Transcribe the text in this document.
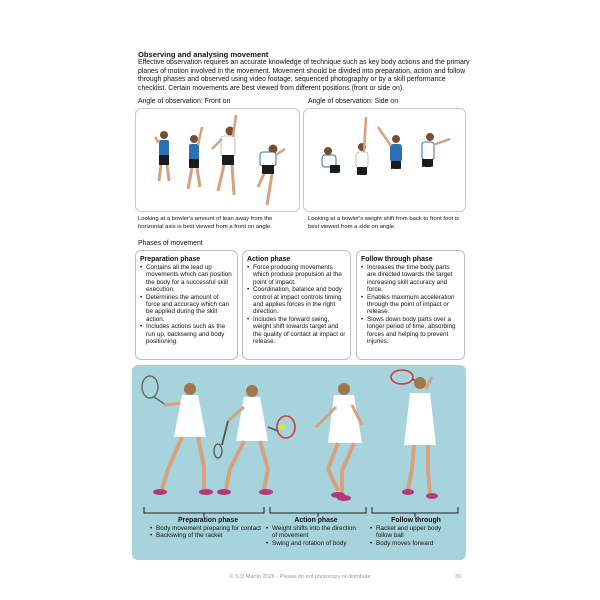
Observing and analysing movement
Effective observation requires an accurate knowledge of technique such as key body actions and the primary planes of motion involved in the movement. Movement should be divided into preparation, action and follow through phases and observed using video footage, sequenced photography or by a skill performance checklist. Certain movements are best viewed from different positions (front or side on).
Angle of observation: Front on
Looking at a bowler's amount of lean away from the horizontal axis is best viewed from a front on angle.
Angle of observation: Side on
Looking at a bowler's weight shift from back to front foot is best viewed from a side on angle.
Phases of movement
Preparation phase
• Contains all the lead up movements which can position the body for a successful skill execution.
• Determines the amount of force and accuracy which can be applied during the skill action.
• Includes actions such as the run up, backswing and body positioning.
Action phase
• Force producing movements which produce propulsion at the point of impact.
• Coordination, balance and body control at impact controls timing and applies forces in the right direction.
• Includes the forward swing, weight shift towards target and the quality of contact at impact or release.
Follow through phase
• Increases the time body parts are directed towards the target increasing skill accuracy and force.
• Enables maximum acceleration through the point of impact or release.
• Slows down body parts over a longer period of time, absorbing forces and helping to prevent injuries.
Preparation phase
• Body movement preparing for contact
• Backswing of the racket
Action phase
• Weight shifts into the direction of movement
• Swing and rotation of body
Follow through
• Racket and upper body follow ball
• Body moves forward
© S D Martin 2026 - Please do not photocopy or distribute	30
